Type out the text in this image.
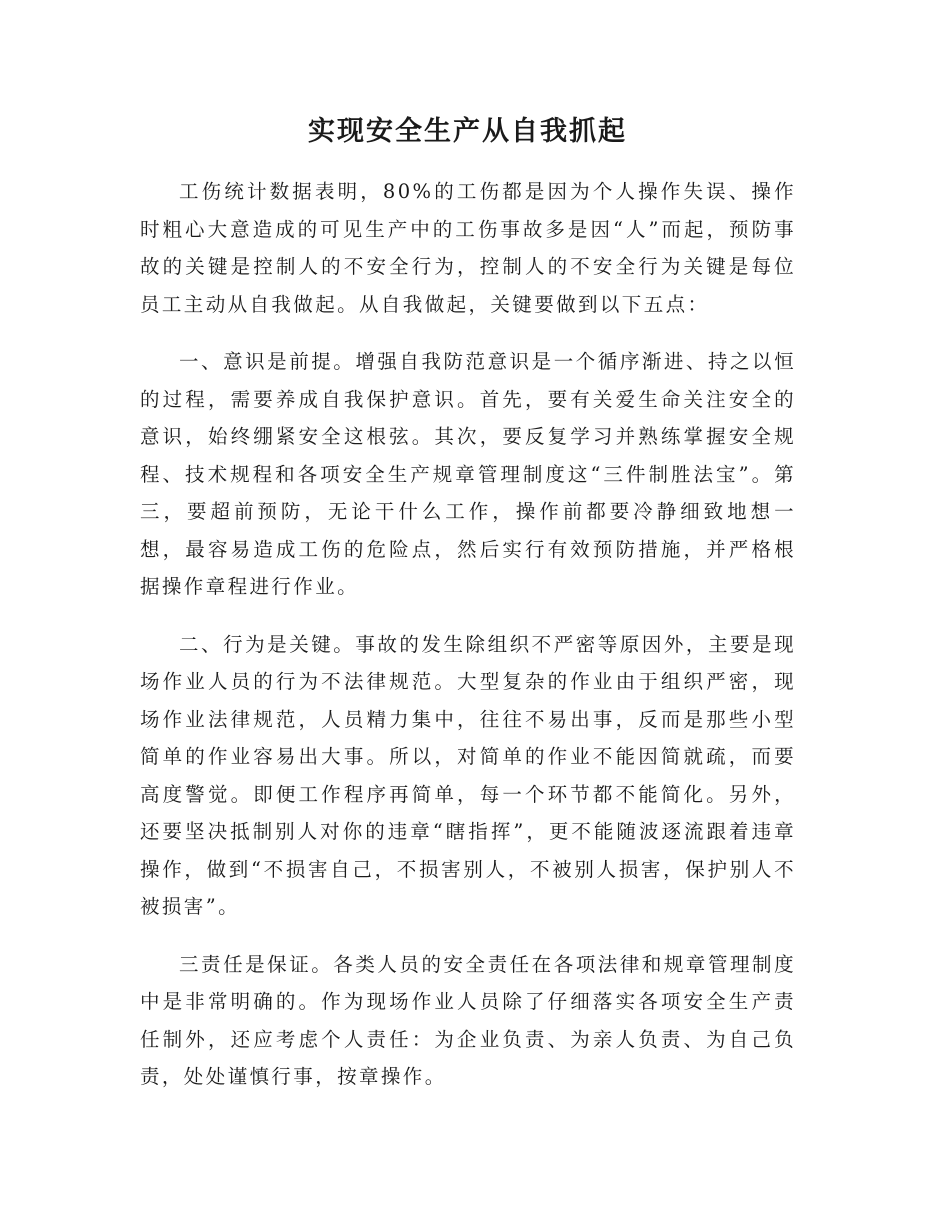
实现安全生产从自我抓起

工伤统计数据表明，80%的工伤都是因为个人操作失误、操作时粗心大意造成的可见生产中的工伤事故多是因“人”而起，预防事故的关键是控制人的不安全行为，控制人的不安全行为关键是每位员工主动从自我做起。从自我做起，关键要做到以下五点：

一、意识是前提。增强自我防范意识是一个循序渐进、持之以恒的过程，需要养成自我保护意识。首先，要有关爱生命关注安全的意识，始终绷紧安全这根弦。其次，要反复学习并熟练掌握安全规程、技术规程和各项安全生产规章管理制度这“三件制胜法宝”。第三，要超前预防，无论干什么工作，操作前都要冷静细致地想一想，最容易造成工伤的危险点，然后实行有效预防措施，并严格根据操作章程进行作业。

二、行为是关键。事故的发生除组织不严密等原因外，主要是现场作业人员的行为不法律规范。大型复杂的作业由于组织严密，现场作业法律规范，人员精力集中，往往不易出事，反而是那些小型简单的作业容易出大事。所以，对简单的作业不能因简就疏，而要高度警觉。即便工作程序再简单，每一个环节都不能简化。另外，还要坚决抵制别人对你的违章“瞎指挥”，更不能随波逐流跟着违章操作，做到“不损害自己，不损害别人，不被别人损害，保护别人不被损害”。

三责任是保证。各类人员的安全责任在各项法律和规章管理制度中是非常明确的。作为现场作业人员除了仔细落实各项安全生产责任制外，还应考虑个人责任：为企业负责、为亲人负责、为自己负责，处处谨慎行事，按章操作。
